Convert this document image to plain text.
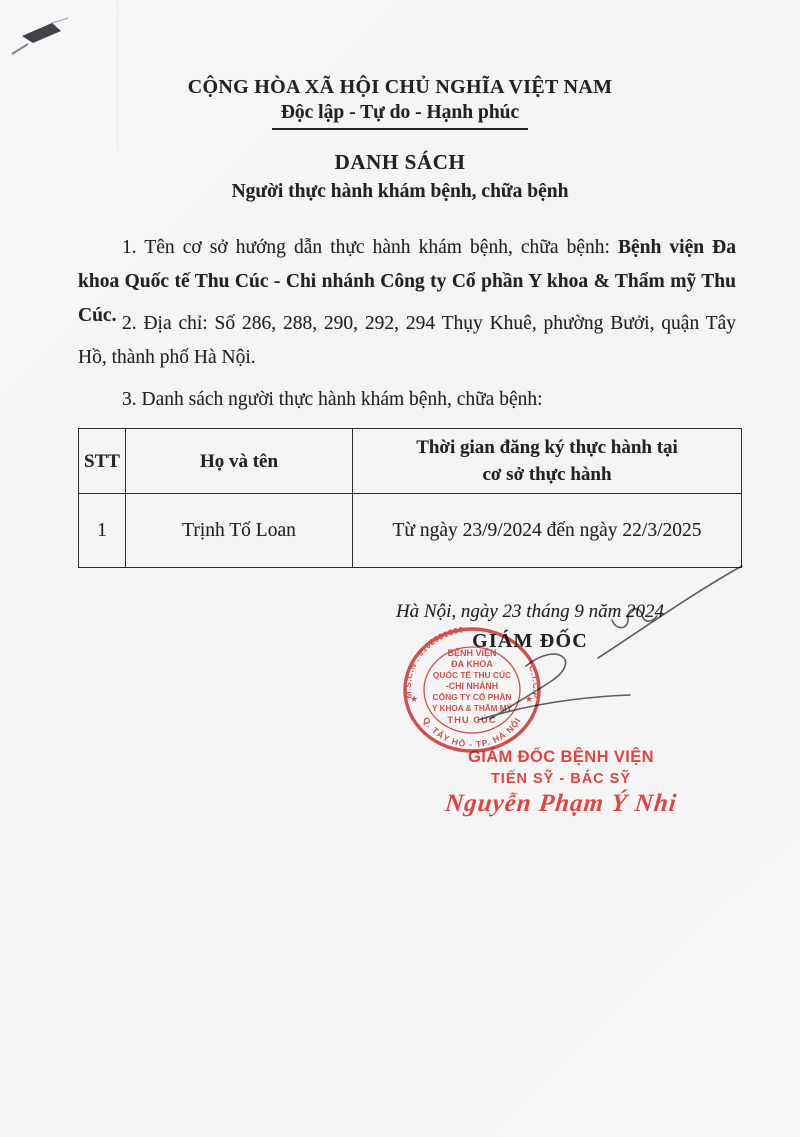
CỘNG HÒA XÃ HỘI CHỦ NGHĨA VIỆT NAM
Độc lập - Tự do - Hạnh phúc
DANH SÁCH
Người thực hành khám bệnh, chữa bệnh
1. Tên cơ sở hướng dẫn thực hành khám bệnh, chữa bệnh: Bệnh viện Đa khoa Quốc tế Thu Cúc - Chi nhánh Công ty Cổ phần Y khoa & Thẩm mỹ Thu Cúc. 2. Địa chỉ: Số 286, 288, 290, 292, 294 Thụy Khuê, phường Bưởi, quận Tây Hồ, thành phố Hà Nội.
3. Danh sách người thực hành khám bệnh, chữa bệnh:
STT	Họ và tên	Thời gian đăng ký thực hành tại
cơ sở thực hành

1	Trịnh Tố Loan	Từ ngày 23/9/2024 đến ngày 22/3/2025
Hà Nội, ngày 23 tháng 9 năm 2024
GIÁM ĐỐC
M.S.C.N : 0102801500
C.T.C.P
Q. TÂY HỒ - TP. HÀ NỘI
★	★
BỆNH VIỆN
ĐA KHOA
QUỐC TẾ THU CÚC
-CHI NHÁNH
CÔNG TY CỔ PHẦN
Y KHOA & THẨM MỸ
THU CÚC
GIÁM ĐỐC BỆNH VIỆN
TIẾN SỸ - BÁC SỸ
Nguyễn Phạm Ý Nhi
